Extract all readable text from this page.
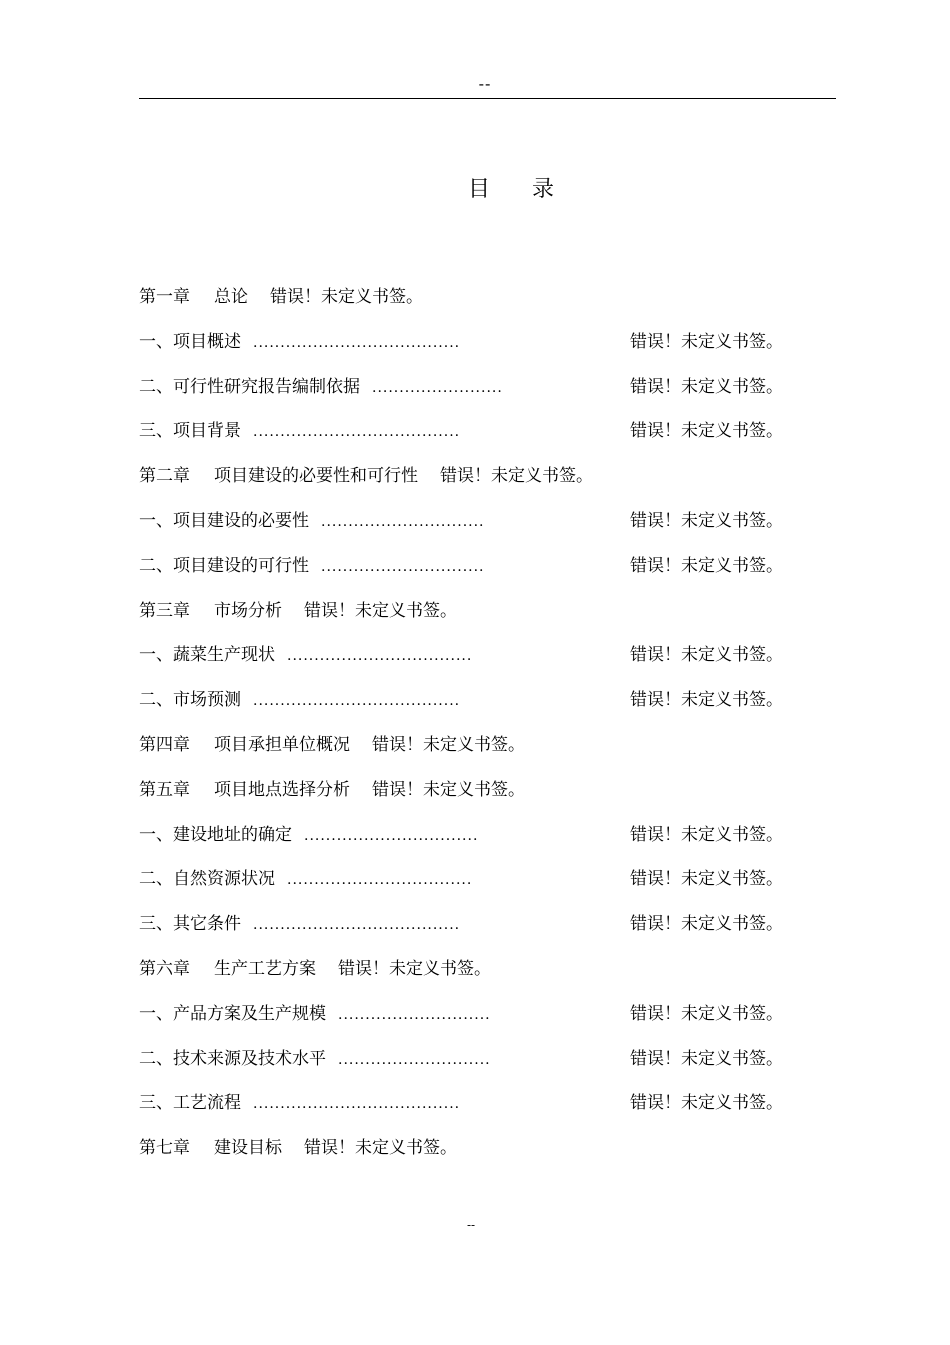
--
目 录
第一章 总论 错误！未定义书签。
一、项目概述 ......................................	错误！未定义书签。
二、可行性研究报告编制依据 ........................	错误！未定义书签。
三、项目背景 ......................................	错误！未定义书签。
第二章 项目建设的必要性和可行性 错误！未定义书签。
一、项目建设的必要性 ..............................	错误！未定义书签。
二、项目建设的可行性 ..............................	错误！未定义书签。
第三章 市场分析 错误！未定义书签。
一、蔬菜生产现状 ..................................	错误！未定义书签。
二、市场预测 ......................................	错误！未定义书签。
第四章 项目承担单位概况 错误！未定义书签。
第五章 项目地点选择分析 错误！未定义书签。
一、建设地址的确定 ................................	错误！未定义书签。
二、自然资源状况 ..................................	错误！未定义书签。
三、其它条件 ......................................	错误！未定义书签。
第六章 生产工艺方案 错误！未定义书签。
一、产品方案及生产规模 ............................	错误！未定义书签。
二、技术来源及技术水平 ............................	错误！未定义书签。
三、工艺流程 ......................................	错误！未定义书签。
第七章 建设目标 错误！未定义书签。
--
